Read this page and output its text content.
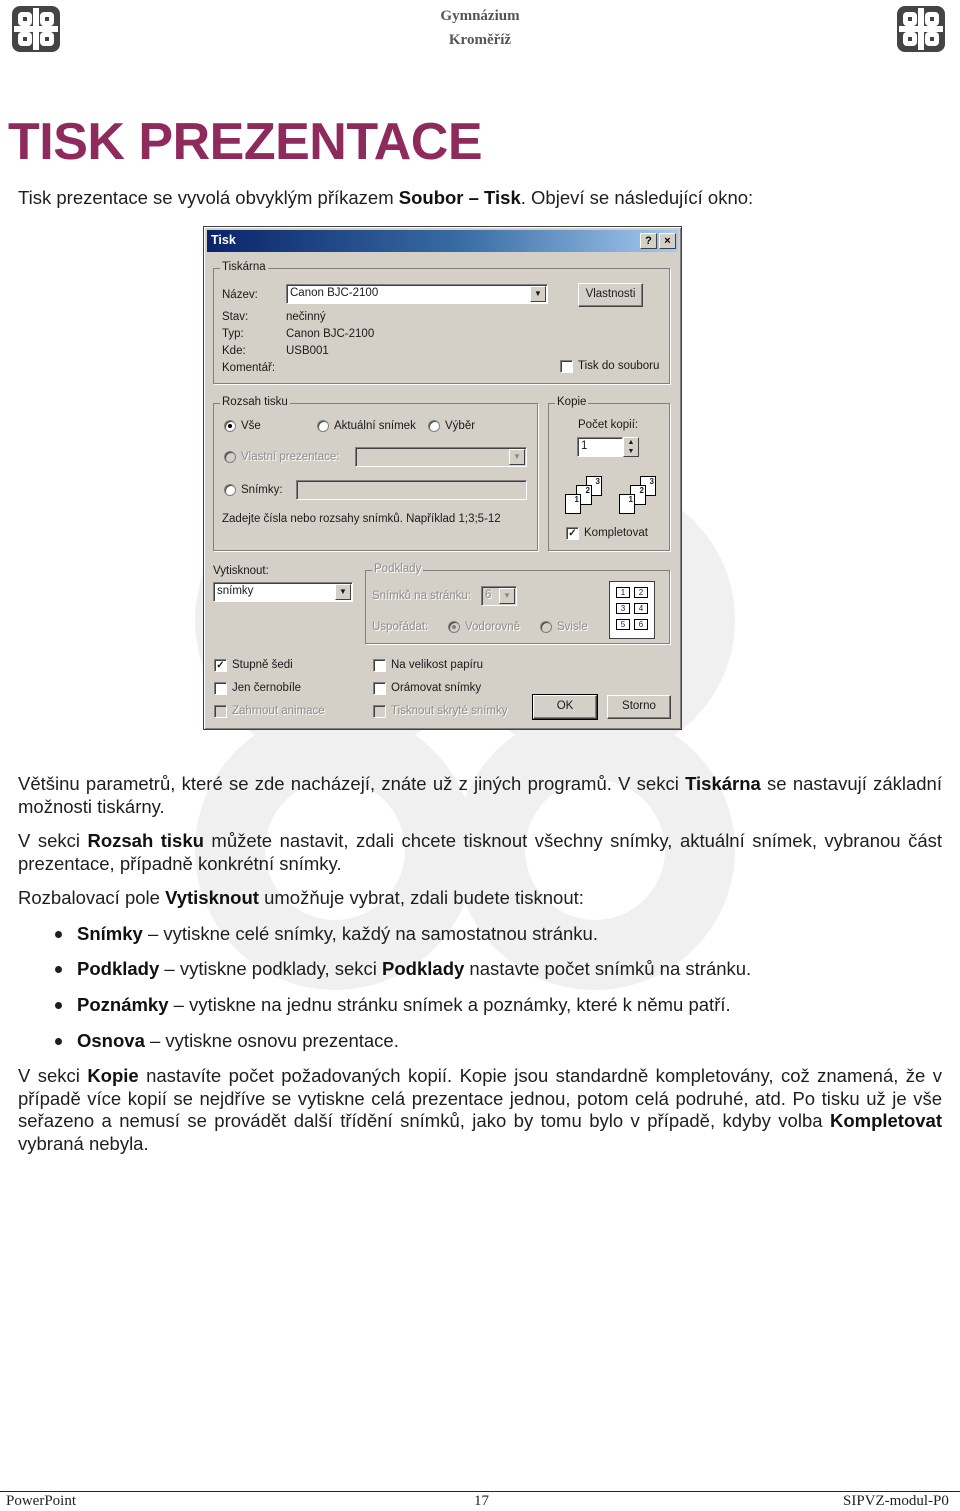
Gymnázium
Kroměříž
TISK PREZENTACE
Tisk prezentace se vyvolá obvyklým příkazem Soubor – Tisk. Objeví se následující okno:
Tisk	?	×
Tiskárna
Název:	Canon BJC-2100	▼	Vlastnosti
Stav:	nečinný
Typ:	Canon BJC-2100
Kde:	USB001
Komentář:	Tisk do souboru
Rozsah tisku
Vše	Aktuální snímek	Výběr
Vlastní prezentace:	▼
Snímky:
Zadejte čísla nebo rozsahy snímků. Například 1;3;5-12
Kopie
Počet kopií:
1	▲
▼
3
2
1
3
2
1
✓ Kompletovat
Vytisknout:
snímky	▼
Podklady
Snímků na stránku:	6	▼
Uspořádat:	Vodorovně	Svisle
1	2
3	4
5	6
✓ Stupně šedi
Jen černobíle
Zahrnout animace
Na velikost papíru
Orámovat snímky
Tisknout skryté snímky	OK	Storno
Většinu parametrů, které se zde nacházejí, znáte už z jiných programů. V sekci Tiskárna se nastavují základní možnosti tiskárny.
V sekci Rozsah tisku můžete nastavit, zdali chcete tisknout všechny snímky, aktuální snímek, vybranou část prezentace, případně konkrétní snímky.
Rozbalovací pole Vytisknout umožňuje vybrat, zdali budete tisknout:
Snímky – vytiskne celé snímky, každý na samostatnou stránku.
Podklady – vytiskne podklady, sekci Podklady nastavte počet snímků na stránku.
Poznámky – vytiskne na jednu stránku snímek a poznámky, které k němu patří.
Osnova – vytiskne osnovu prezentace.
V sekci Kopie nastavíte počet požadovaných kopií. Kopie jsou standardně kompletovány, což znamená, že v případě více kopií se nejdříve se vytiskne celá prezentace jednou, potom celá podruhé, atd. Po tisku už je vše seřazeno a nemusí se provádět další třídění snímků, jako by tomu bylo v případě, kdyby volba Kompletovat vybraná nebyla.
PowerPoint	17	SIPVZ-modul-P0
